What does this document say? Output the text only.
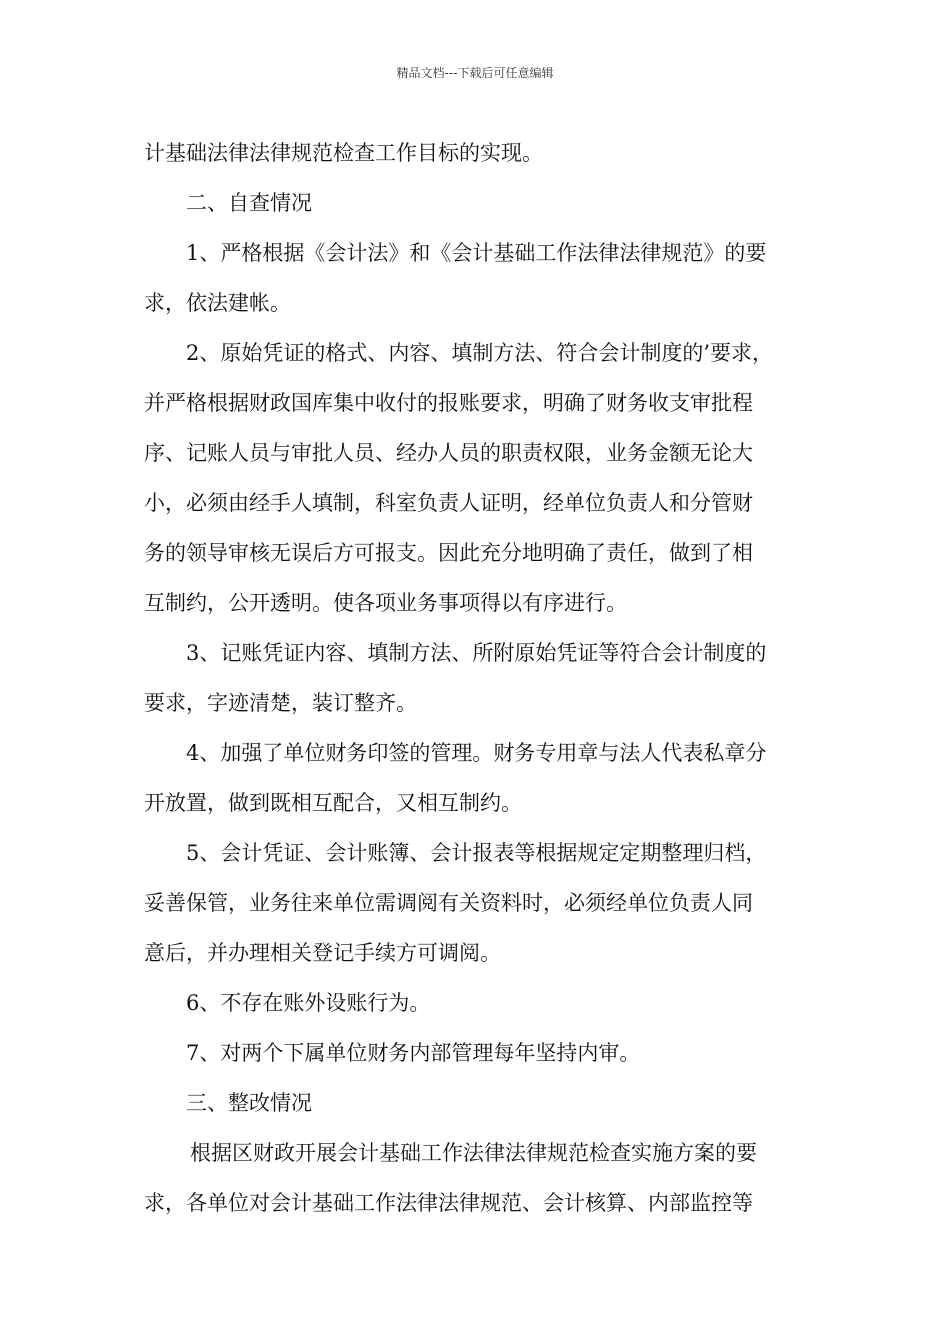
精品文档---下载后可任意编辑
计基础法律法律规范检查工作目标的实现。
二、自查情况
1、严格根据《会计法》和《会计基础工作法律法律规范》的要
求，依法建帐。
2、原始凭证的格式、内容、填制方法、符合会计制度的’要求，
并严格根据财政国库集中收付的报账要求，明确了财务收支审批程
序、记账人员与审批人员、经办人员的职责权限，业务金额无论大
小，必须由经手人填制，科室负责人证明，经单位负责人和分管财
务的领导审核无误后方可报支。因此充分地明确了责任，做到了相
互制约，公开透明。使各项业务事项得以有序进行。
3、记账凭证内容、填制方法、所附原始凭证等符合会计制度的
要求，字迹清楚，装订整齐。
4、加强了单位财务印签的管理。财务专用章与法人代表私章分
开放置，做到既相互配合，又相互制约。
5、会计凭证、会计账簿、会计报表等根据规定定期整理归档，
妥善保管，业务往来单位需调阅有关资料时，必须经单位负责人同
意后，并办理相关登记手续方可调阅。
6、不存在账外设账行为。
7、对两个下属单位财务内部管理每年坚持内审。
三、整改情况
根据区财政开展会计基础工作法律法律规范检查实施方案的要
求，各单位对会计基础工作法律法律规范、会计核算、内部监控等
